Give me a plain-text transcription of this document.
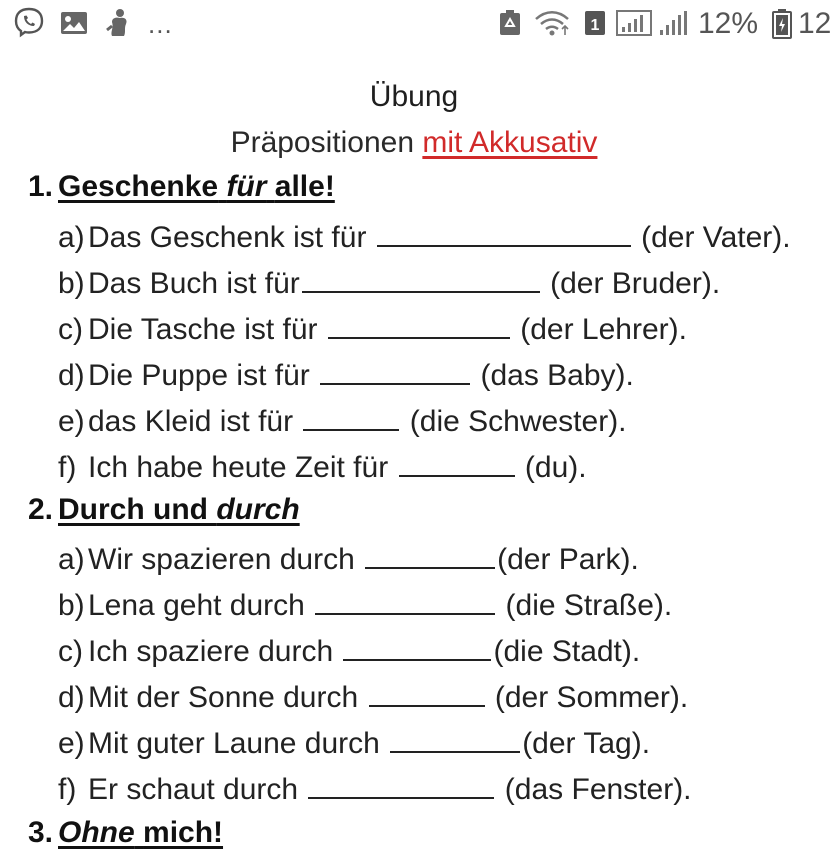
...	1	12% 12
Übung
Präpositionen mit Akkusativ
1. Geschenke für alle!
a) Das Geschenk ist für	(der Vater).
b) Das Buch ist für	(der Bruder).
c) Die Tasche ist für	(der Lehrer).
d) Die Puppe ist für	(das Baby).
e) das Kleid ist für	(die Schwester).
f) Ich habe heute Zeit für	(du).
2. Durch und durch
a) Wir spazieren durch	(der Park).
b) Lena geht durch	(die Straße).
c) Ich spaziere durch	(die Stadt).
d) Mit der Sonne durch	(der Sommer).
e) Mit guter Laune durch	(der Tag).
f) Er schaut durch	(das Fenster).
3. Ohne mich!
